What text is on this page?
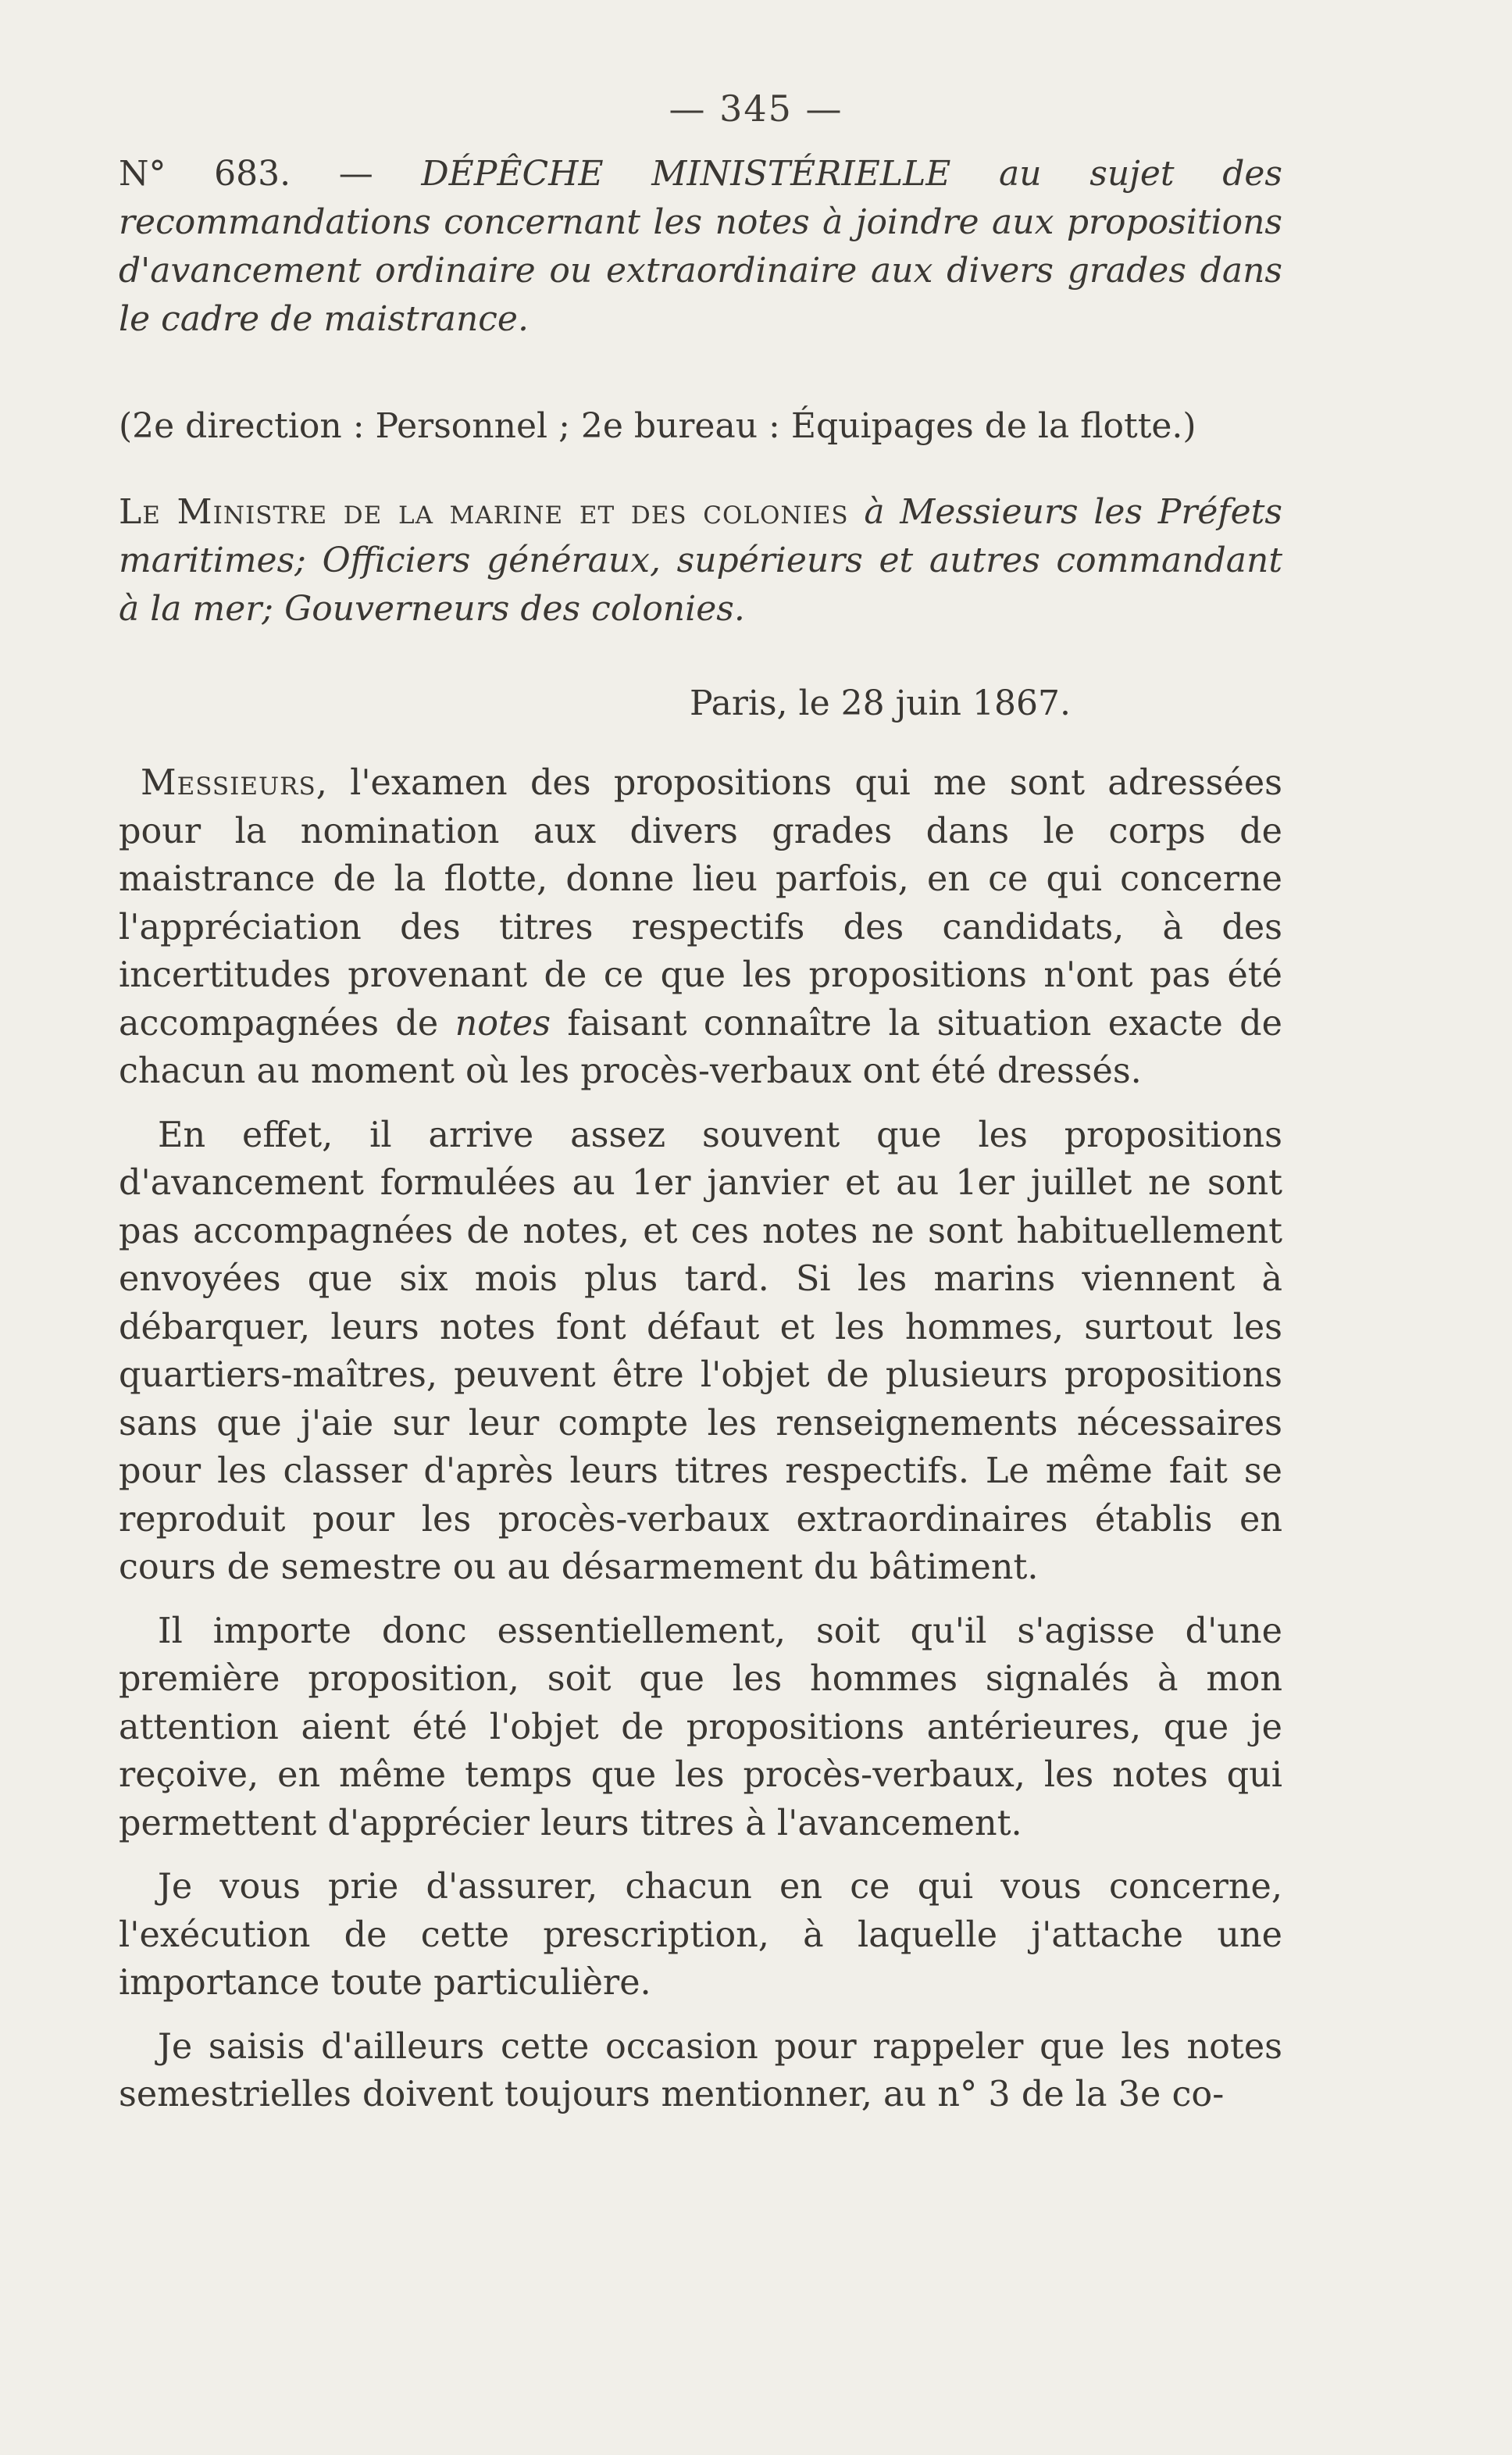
— 345 —
N° 683. — DÉPÊCHE MINISTÉRIELLE au sujet des recommandations concernant les notes à joindre aux propositions d'avancement ordinaire ou extraordinaire aux divers grades dans le cadre de maistrance.
(2e direction : Personnel ; 2e bureau : Équipages de la flotte.)
Le Ministre de la marine et des colonies à Messieurs les Préfets maritimes; Officiers généraux, supérieurs et autres commandant à la mer; Gouverneurs des colonies.
Paris, le 28 juin 1867.

Messieurs, l'examen des propositions qui me sont adressées pour la nomination aux divers grades dans le corps de maistrance de la flotte, donne lieu parfois, en ce qui concerne l'appréciation des titres respectifs des candidats, à des incertitudes provenant de ce que les propositions n'ont pas été accompagnées de notes faisant connaître la situation exacte de chacun au moment où les procès-verbaux ont été dressés.

En effet, il arrive assez souvent que les propositions d'avancement formulées au 1er janvier et au 1er juillet ne sont pas accompagnées de notes, et ces notes ne sont habituellement envoyées que six mois plus tard. Si les marins viennent à débarquer, leurs notes font défaut et les hommes, surtout les quartiers-maîtres, peuvent être l'objet de plusieurs propositions sans que j'aie sur leur compte les renseignements nécessaires pour les classer d'après leurs titres respectifs. Le même fait se reproduit pour les procès-verbaux extraordinaires établis en cours de semestre ou au désarmement du bâtiment.

Il importe donc essentiellement, soit qu'il s'agisse d'une première proposition, soit que les hommes signalés à mon attention aient été l'objet de propositions antérieures, que je reçoive, en même temps que les procès-verbaux, les notes qui permettent d'apprécier leurs titres à l'avancement.

Je vous prie d'assurer, chacun en ce qui vous concerne, l'exécution de cette prescription, à laquelle j'attache une importance toute particulière.

Je saisis d'ailleurs cette occasion pour rappeler que les notes semestrielles doivent toujours mentionner, au n° 3 de la 3e co-
